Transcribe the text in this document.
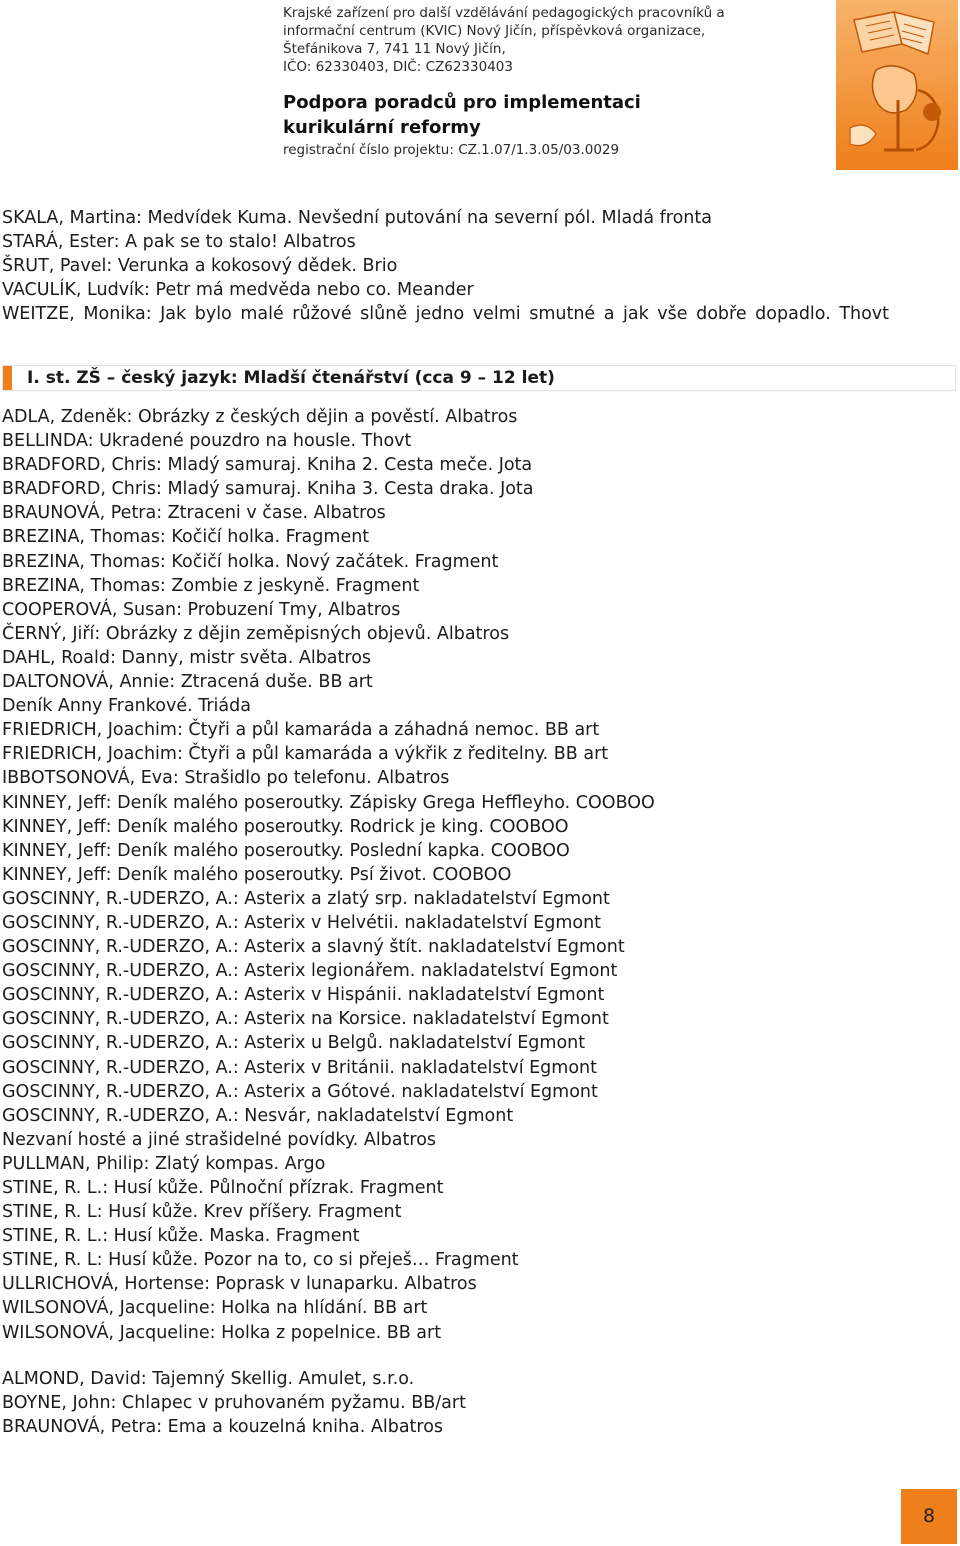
Krajské zařízení pro další vzdělávání pedagogických pracovníků a
informační centrum (KVIC) Nový Jičín, příspěvková organizace,
Štefánikova 7, 741 11 Nový Jičín,
IČO: 62330403, DIČ: CZ62330403
Podpora poradců pro implementaci
kurikulární reformy
registrační číslo projektu: CZ.1.07/1.3.05/03.0029
SKALA, Martina: Medvídek Kuma. Nevšední putování na severní pól. Mladá fronta
STARÁ, Ester: A pak se to stalo! Albatros
ŠRUT, Pavel: Verunka a kokosový dědek. Brio
VACULÍK, Ludvík: Petr má medvěda nebo co. Meander
WEITZE, Monika: Jak bylo malé růžové slůně jedno velmi smutné a jak vše dobře dopadlo. Thovt
I. st. ZŠ – český jazyk: Mladší čtenářství (cca 9 – 12 let)
ADLA, Zdeněk: Obrázky z českých dějin a pověstí. Albatros
BELLINDA: Ukradené pouzdro na housle. Thovt
BRADFORD, Chris: Mladý samuraj. Kniha 2. Cesta meče. Jota
BRADFORD, Chris: Mladý samuraj. Kniha 3. Cesta draka. Jota
BRAUNOVÁ, Petra: Ztraceni v čase. Albatros
BREZINA, Thomas: Kočičí holka. Fragment
BREZINA, Thomas: Kočičí holka. Nový začátek. Fragment
BREZINA, Thomas: Zombie z jeskyně. Fragment
COOPEROVÁ, Susan: Probuzení Tmy, Albatros
ČERNÝ, Jiří: Obrázky z dějin zeměpisných objevů. Albatros
DAHL, Roald: Danny, mistr světa. Albatros
DALTONOVÁ, Annie: Ztracená duše. BB art
Deník Anny Frankové. Triáda
FRIEDRICH, Joachim: Čtyři a půl kamaráda a záhadná nemoc. BB art
FRIEDRICH, Joachim: Čtyři a půl kamaráda a výkřik z ředitelny. BB art
IBBOTSONOVÁ, Eva: Strašidlo po telefonu. Albatros
KINNEY, Jeff: Deník malého poseroutky. Zápisky Grega Heffleyho. COOBOO
KINNEY, Jeff: Deník malého poseroutky. Rodrick je king. COOBOO
KINNEY, Jeff: Deník malého poseroutky. Poslední kapka. COOBOO
KINNEY, Jeff: Deník malého poseroutky. Psí život. COOBOO
GOSCINNY, R.-UDERZO, A.: Asterix a zlatý srp. nakladatelství Egmont
GOSCINNY, R.-UDERZO, A.: Asterix v Helvétii. nakladatelství Egmont
GOSCINNY, R.-UDERZO, A.: Asterix a slavný štít. nakladatelství Egmont
GOSCINNY, R.-UDERZO, A.: Asterix legionářem. nakladatelství Egmont
GOSCINNY, R.-UDERZO, A.: Asterix v Hispánii. nakladatelství Egmont
GOSCINNY, R.-UDERZO, A.: Asterix na Korsice. nakladatelství Egmont
GOSCINNY, R.-UDERZO, A.: Asterix u Belgů. nakladatelství Egmont
GOSCINNY, R.-UDERZO, A.: Asterix v Británii. nakladatelství Egmont
GOSCINNY, R.-UDERZO, A.: Asterix a Gótové. nakladatelství Egmont
GOSCINNY, R.-UDERZO, A.: Nesvár, nakladatelství Egmont
Nezvaní hosté a jiné strašidelné povídky. Albatros
PULLMAN, Philip: Zlatý kompas. Argo
STINE, R. L.: Husí kůže. Půlnoční přízrak. Fragment
STINE, R. L: Husí kůže. Krev příšery. Fragment
STINE, R. L.: Husí kůže. Maska. Fragment
STINE, R. L: Husí kůže. Pozor na to, co si přeješ… Fragment
ULLRICHOVÁ, Hortense: Poprask v lunaparku. Albatros
WILSONOVÁ, Jacqueline: Holka na hlídání. BB art
WILSONOVÁ, Jacqueline: Holka z popelnice. BB art
ALMOND, David: Tajemný Skellig. Amulet, s.r.o.
BOYNE, John: Chlapec v pruhovaném pyžamu. BB/art
BRAUNOVÁ, Petra: Ema a kouzelná kniha. Albatros
8
